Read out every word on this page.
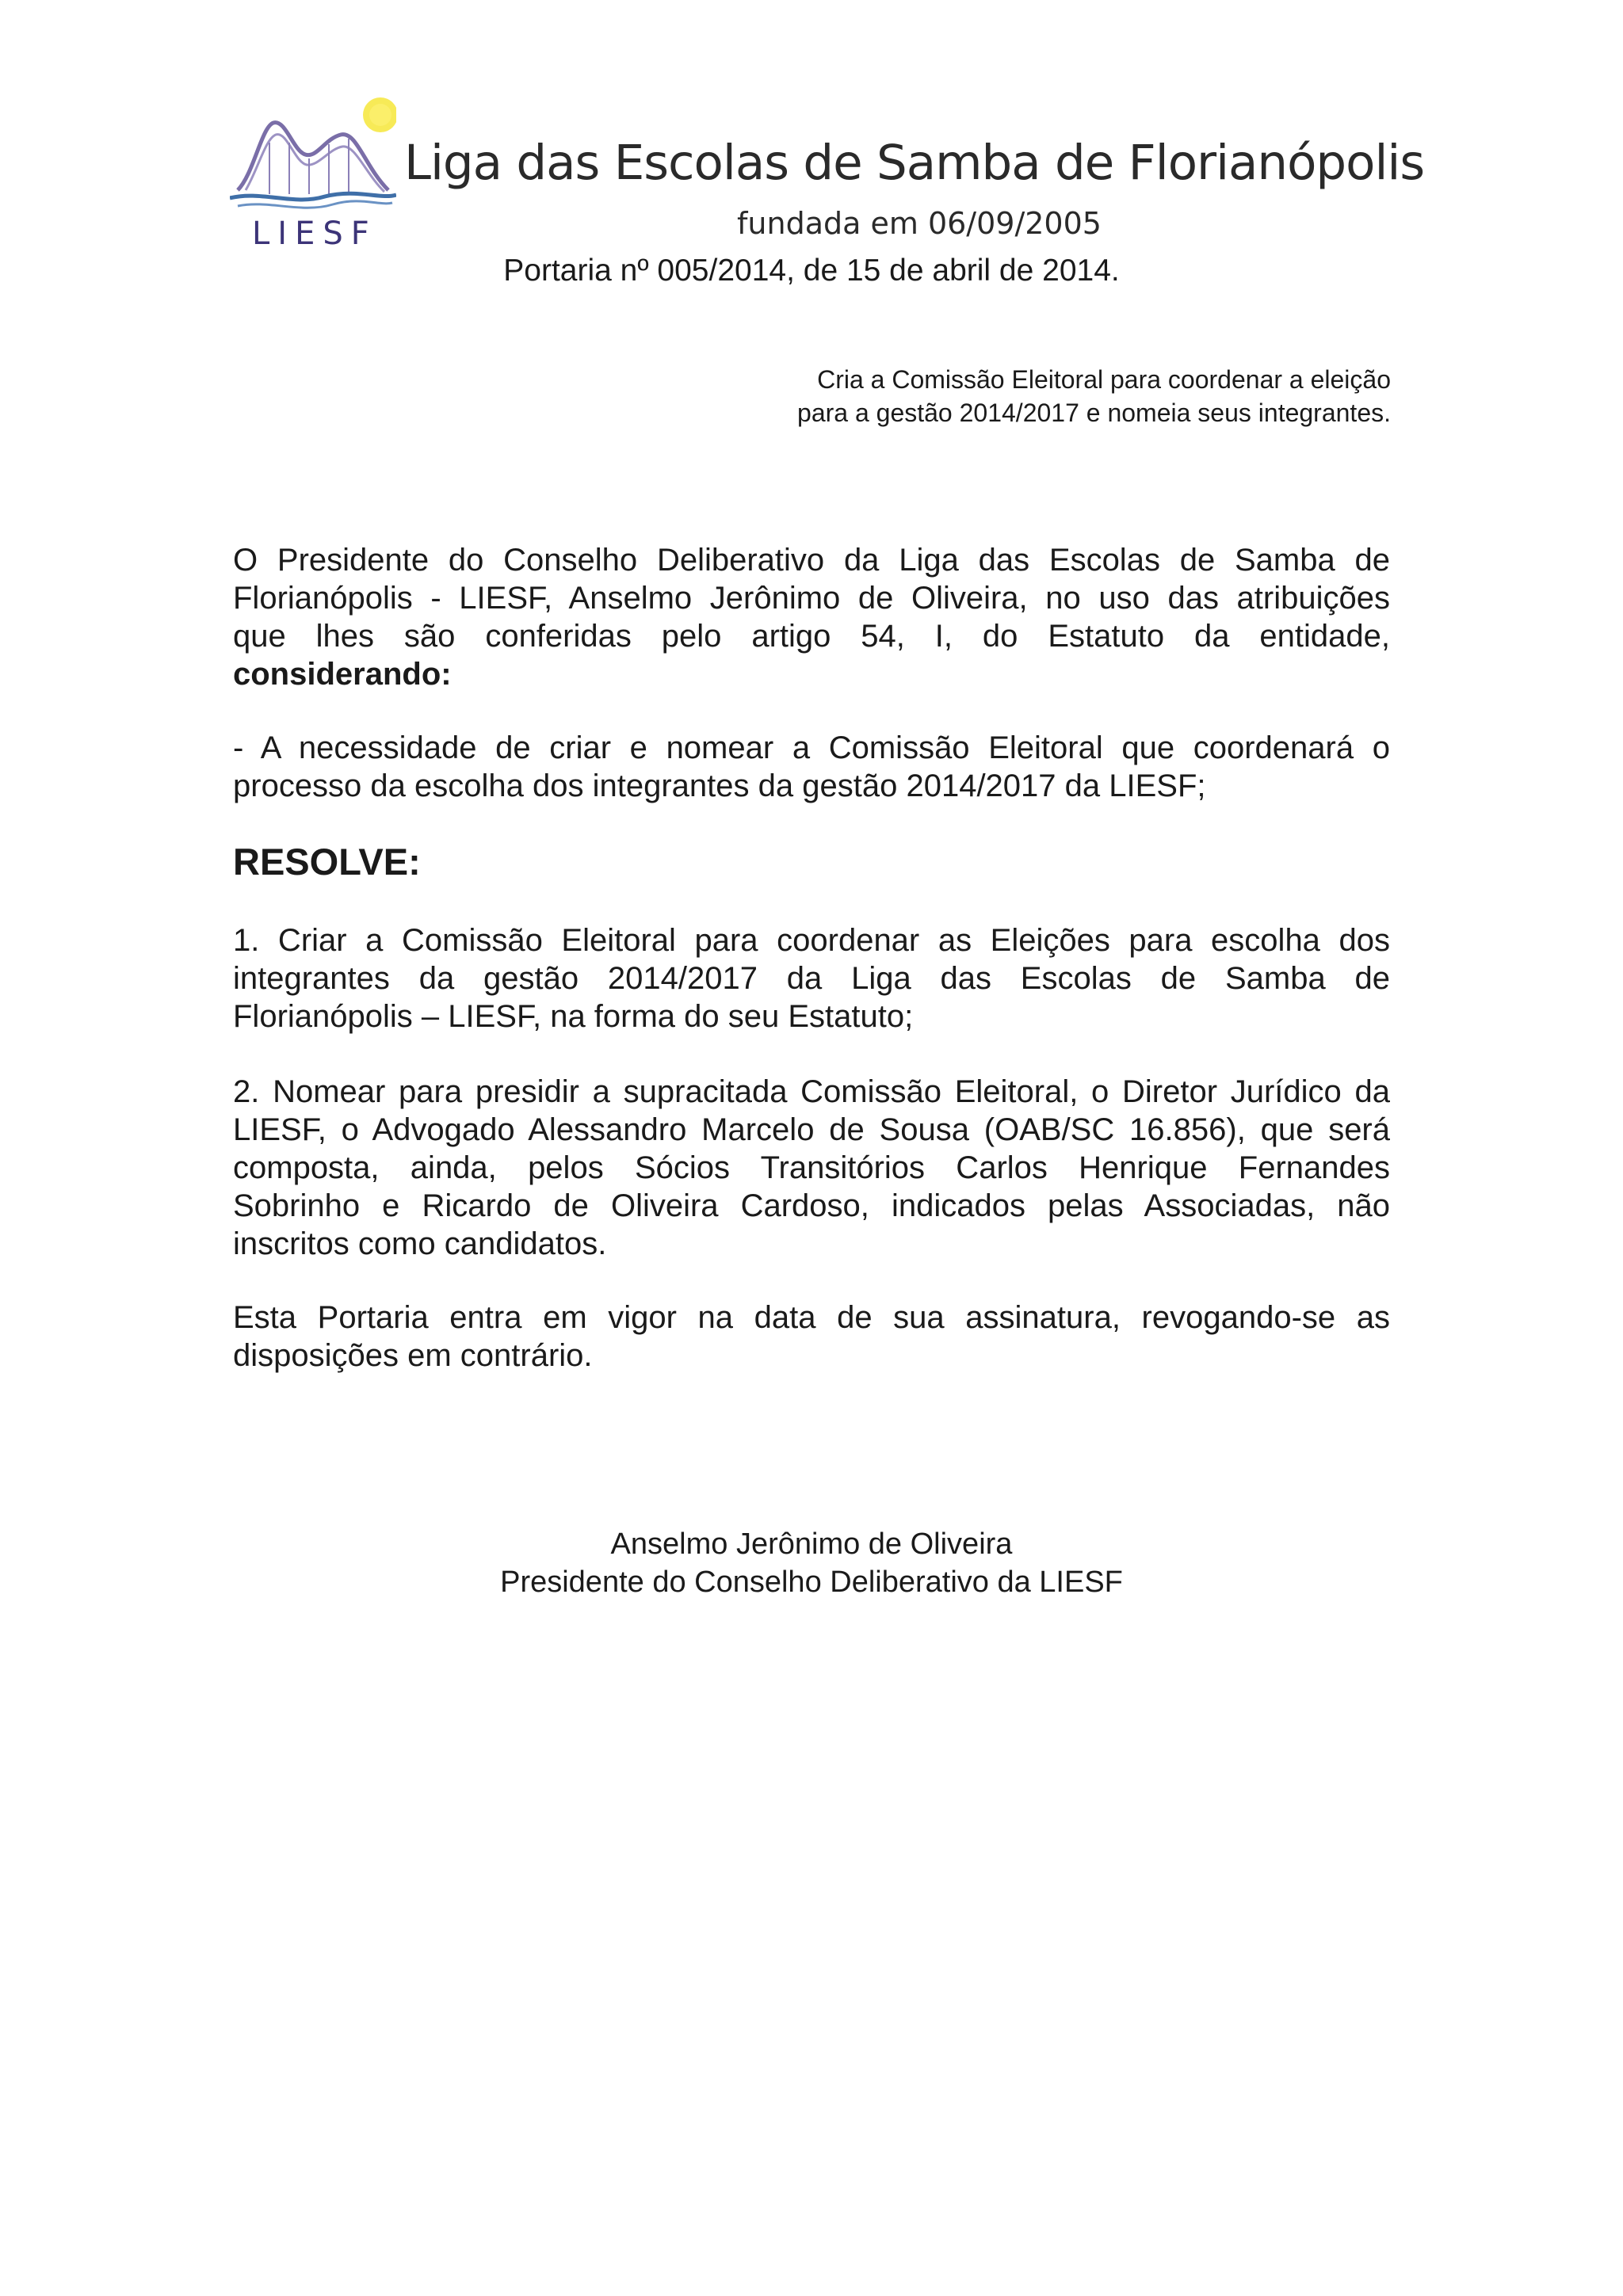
LIESF
Liga das Escolas de Samba de Florianópolis
fundada em 06/09/2005
Portaria nº 005/2014, de 15 de abril de 2014.
Cria a Comissão Eleitoral para coordenar a eleição
para a gestão 2014/2017 e nomeia seus integrantes.
O Presidente do Conselho Deliberativo da Liga das Escolas de Samba de
Florianópolis - LIESF, Anselmo Jerônimo de Oliveira, no uso das atribuições
que lhes são conferidas pelo artigo 54, I, do Estatuto da entidade,
considerando:
- A necessidade de criar e nomear a Comissão Eleitoral que coordenará o
processo da escolha dos integrantes da gestão 2014/2017 da LIESF;
RESOLVE:
1. Criar a Comissão Eleitoral para coordenar as Eleições para escolha dos
integrantes da gestão 2014/2017 da Liga das Escolas de Samba de
Florianópolis – LIESF, na forma do seu Estatuto;
2. Nomear para presidir a supracitada Comissão Eleitoral, o Diretor Jurídico da
LIESF, o Advogado Alessandro Marcelo de Sousa (OAB/SC 16.856), que será
composta, ainda, pelos Sócios Transitórios Carlos Henrique Fernandes
Sobrinho e Ricardo de Oliveira Cardoso, indicados pelas Associadas, não
inscritos como candidatos.
Esta Portaria entra em vigor na data de sua assinatura, revogando-se as
disposições em contrário.
Anselmo Jerônimo de Oliveira
Presidente do Conselho Deliberativo da LIESF
